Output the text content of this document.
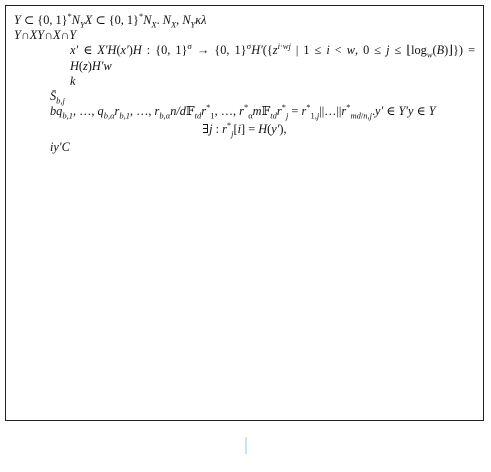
Y ⊂ {0, $1\}^*N_YX$ ⊂ {0, $1\}^*N_X$. $N_X$, $N_Y\kappa\lambda$

Y∩XY∩X∩Y

x′ ∈ X′H(x′)H : {0, 1}$^\sigma$ → {0, $1\}^\sigma H'(\{z^{i\cdot wj}$ | 1 ≤ i < w, $0 \le j \le ⌊\log_w(B)⌋\}) = H(z)H'w$

k

$S̄_{b,j}$

$bq_{b,1}$, …, $q_{b,\alpha}r_{b,1}$, …, $r_{b,\alpha}n/d𝔽_{td}r^*_1$, …, $r^*_\alpha m𝔽_{td}r^*_j$ = $r^*_{1,j}||\dots||r^*_{md/n,j}.y'$ ∈ Y′y ∈ Y

∃j : $r^*_j[i] = H(y')$,

iy′C
